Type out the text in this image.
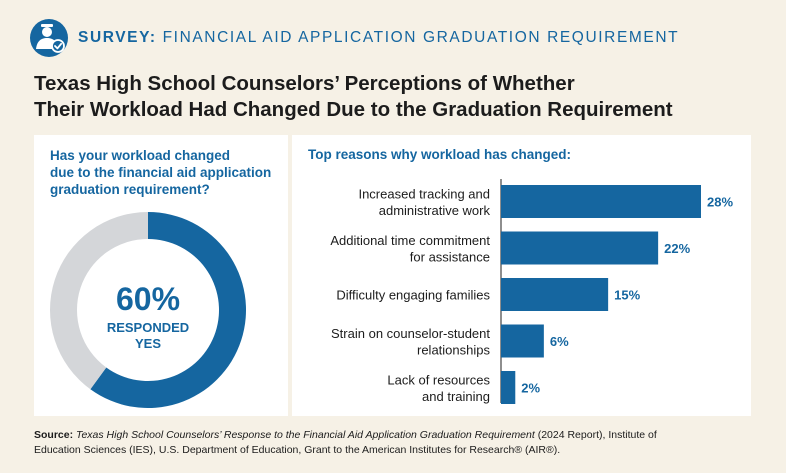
SURVEY: FINANCIAL AID APPLICATION GRADUATION REQUIREMENT
Texas High School Counselors’ Perceptions of Whether
Their Workload Had Changed Due to the Graduation Requirement
Has your workload changed
due to the financial aid application
graduation requirement?
60%
RESPONDED
YES
Top reasons why workload has changed:
28%
Increased tracking and
administrative work
22%
Additional time commitment
for assistance
15%
Difficulty engaging families
6%
Strain on counselor-student
relationships
2%
Lack of resources
and training
Source: Texas High School Counselors’ Response to the Financial Aid Application Graduation Requirement (2024 Report), Institute of
Education Sciences (IES), U.S. Department of Education, Grant to the American Institutes for Research® (AIR®).
